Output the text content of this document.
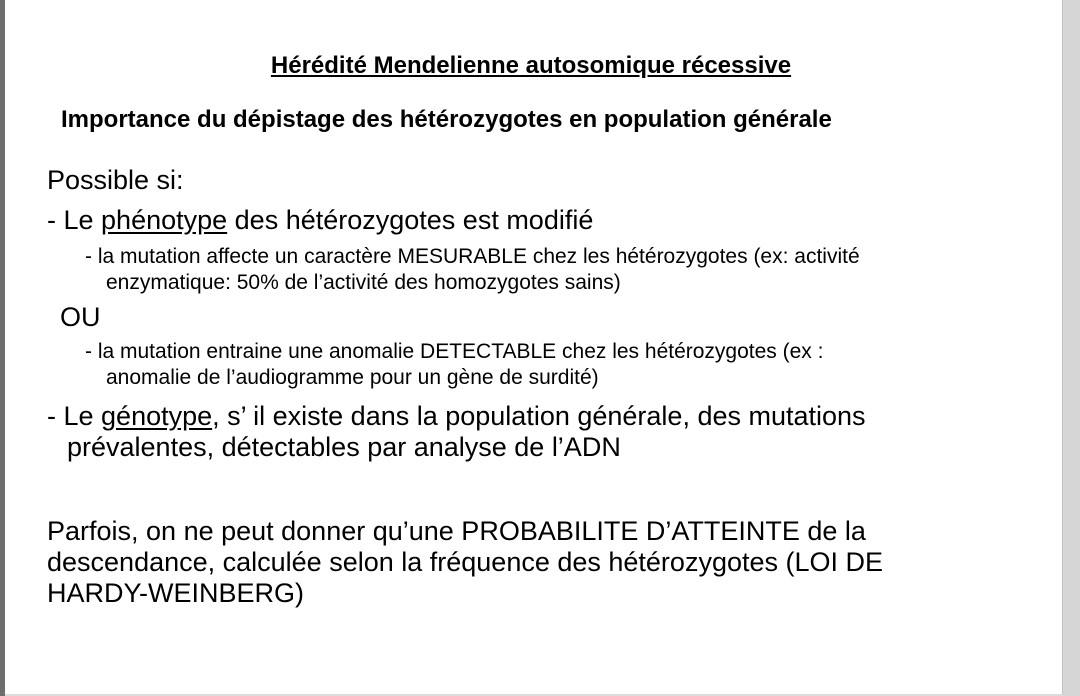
Hérédité Mendelienne autosomique récessive
Importance du dépistage des hétérozygotes en population générale

Possible si:

- Le phénotype des hétérozygotes est modifié

- la mutation affecte un caractère MESURABLE chez les hétérozygotes (ex: activité

enzymatique: 50% de l’activité des homozygotes sains)

OU

- la mutation entraine une anomalie DETECTABLE chez les hétérozygotes (ex :

anomalie de l’audiogramme pour un gène de surdité)

- Le génotype, s’ il existe dans la population générale, des mutations

prévalentes, détectables par analyse de l’ADN

Parfois, on ne peut donner qu’une PROBABILITE D’ATTEINTE de la

descendance, calculée selon la fréquence des hétérozygotes (LOI DE

HARDY-WEINBERG)
